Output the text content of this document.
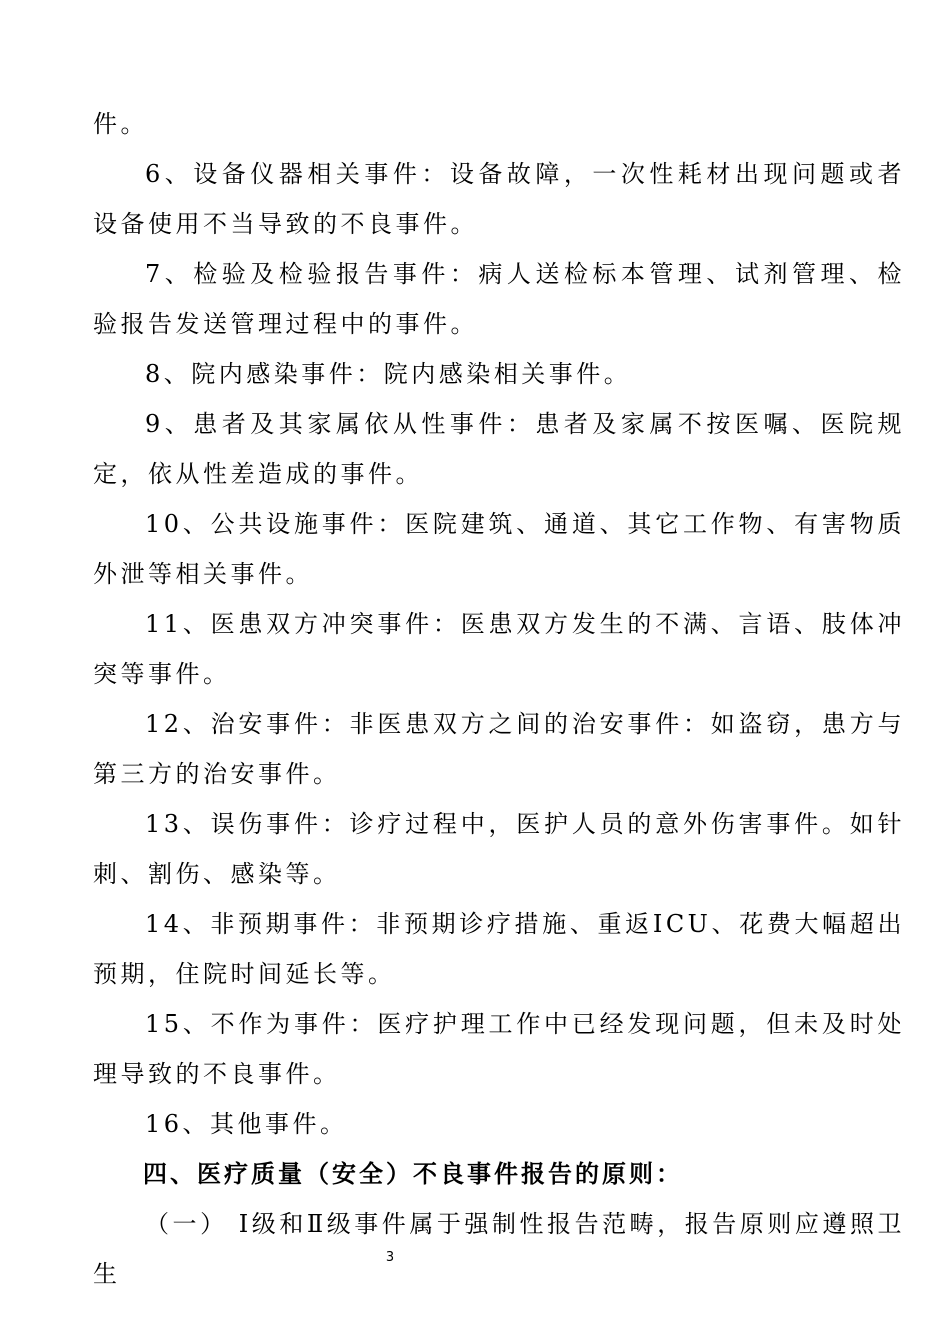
件。

6、设备仪器相关事件：设备故障，一次性耗材出现问题或者设备使用不当导致的不良事件。

7、检验及检验报告事件：病人送检标本管理、试剂管理、检验报告发送管理过程中的事件。

8、院内感染事件：院内感染相关事件。

9、患者及其家属依从性事件：患者及家属不按医嘱、医院规定，依从性差造成的事件。

10、公共设施事件：医院建筑、通道、其它工作物、有害物质外泄等相关事件。

11、医患双方冲突事件：医患双方发生的不满、言语、肢体冲突等事件。

12、治安事件：非医患双方之间的治安事件：如盗窃，患方与第三方的治安事件。

13、误伤事件：诊疗过程中，医护人员的意外伤害事件。如针刺、割伤、感染等。

14、非预期事件：非预期诊疗措施、重返ICU、花费大幅超出预期，住院时间延长等。

15、不作为事件：医疗护理工作中已经发现问题，但未及时处理导致的不良事件。

16、其他事件。

四、医疗质量（安全）不良事件报告的原则：

（一） Ⅰ级和Ⅱ级事件属于强制性报告范畴，报告原则应遵照卫生

3
